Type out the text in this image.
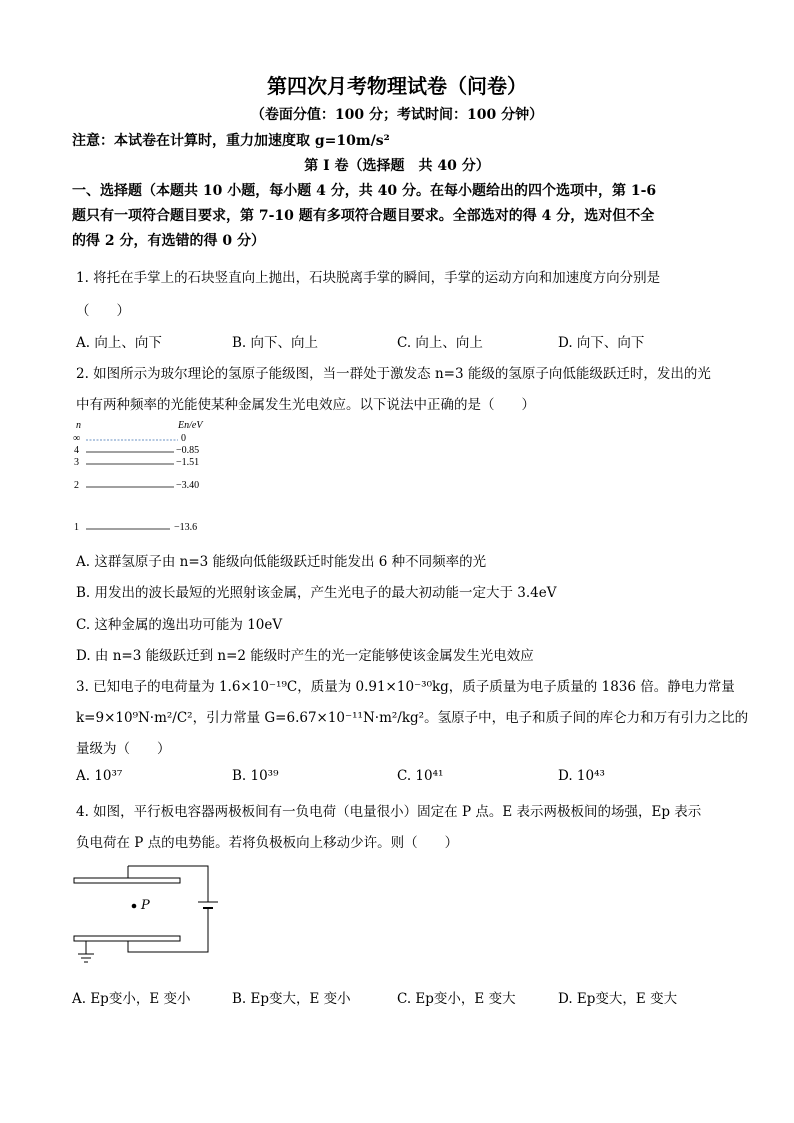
第四次月考物理试卷（问卷）
（卷面分值：100 分；考试时间：100 分钟）
注意：本试卷在计算时，重力加速度取 g=10m/s²
第 I 卷（选择题　共 40 分）
一、选择题（本题共 10 小题，每小题 4 分，共 40 分。在每小题给出的四个选项中，第 1-6
题只有一项符合题目要求，第 7-10 题有多项符合题目要求。全部选对的得 4 分，选对但不全
的得 2 分，有选错的得 0 分）
1. 将托在手掌上的石块竖直向上抛出，石块脱离手掌的瞬间，手掌的运动方向和加速度方向分别是
（　　）
A. 向上、向下	B. 向下、向上	C. 向上、向上	D. 向下、向下
2. 如图所示为玻尔理论的氢原子能级图，当一群处于激发态 n=3 能级的氢原子向低能级跃迁时，发出的光
中有两种频率的光能使某种金属发生光电效应。以下说法中正确的是（　　）
n	En/eV
∞	0
4	−0.85
3	−1.51
2	−3.40
1	−13.6
A. 这群氢原子由 n=3 能级向低能级跃迁时能发出 6 种不同频率的光
B. 用发出的波长最短的光照射该金属，产生光电子的最大初动能一定大于 3.4eV
C. 这种金属的逸出功可能为 10eV
D. 由 n=3 能级跃迁到 n=2 能级时产生的光一定能够使该金属发生光电效应
3. 已知电子的电荷量为 1.6×10⁻¹⁹C，质量为 0.91×10⁻³⁰kg，质子质量为电子质量的 1836 倍。静电力常量
k=9×10⁹N·m²/C²，引力常量 G=6.67×10⁻¹¹N·m²/kg²。氢原子中，电子和质子间的库仑力和万有引力之比的
量级为（　　）
A. 10³⁷	B. 10³⁹	C. 10⁴¹	D. 10⁴³
4. 如图，平行板电容器两极板间有一负电荷（电量很小）固定在 P 点。E 表示两极板间的场强，Ep 表示
负电荷在 P 点的电势能。若将负极板向上移动少许。则（　　）
P
A. Ep变小，E 变小	B. Ep变大，E 变小	C. Ep变小，E 变大	D. Ep变大，E 变大
